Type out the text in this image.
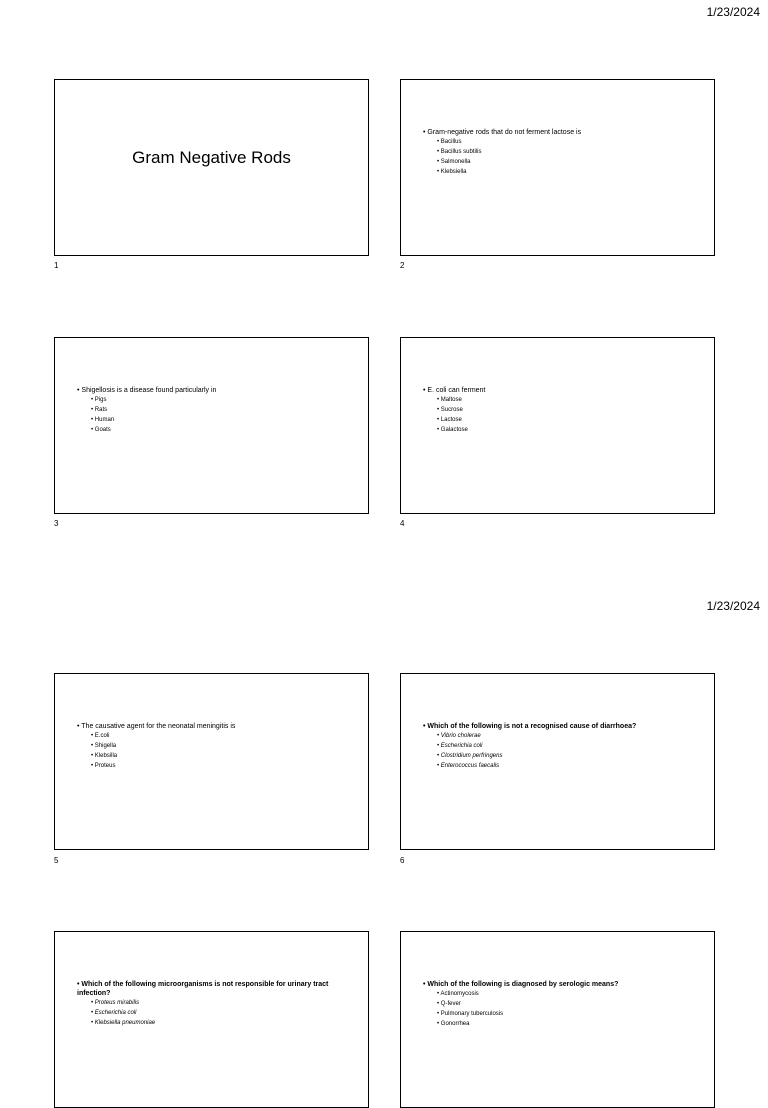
1/23/2024
Gram Negative Rods
1
• Gram-negative rods that do not ferment lactose is
• Bacillus
• Bacillus subtilis
• Salmonella
• Klebsiella
2
• Shigellosis is a disease found particularly in
• Pigs
• Rats
• Human
• Goats
3
• E. coli can ferment
• Maltose
• Sucrose
• Lactose
• Galactose
4
1/23/2024
• The causative agent for the neonatal meningitis is
• E.coli
• Shigella
• Klebsilla
• Proteus
5
• Which of the following is not a recognised cause of diarrhoea?
• Vibrio cholerae
• Escherichia coli
• Clostridium perfringens
• Enterococcus faecalis
6
• Which of the following microorganisms is not responsible for urinary tract infection?
• Proteus mirabilis
• Escherichia coli
• Klebsiella pneumoniae
• Which of the following is diagnosed by serologic means?
• Actinomycosis
• Q-fever
• Pulmonary tuberculosis
• Gonorrhea
